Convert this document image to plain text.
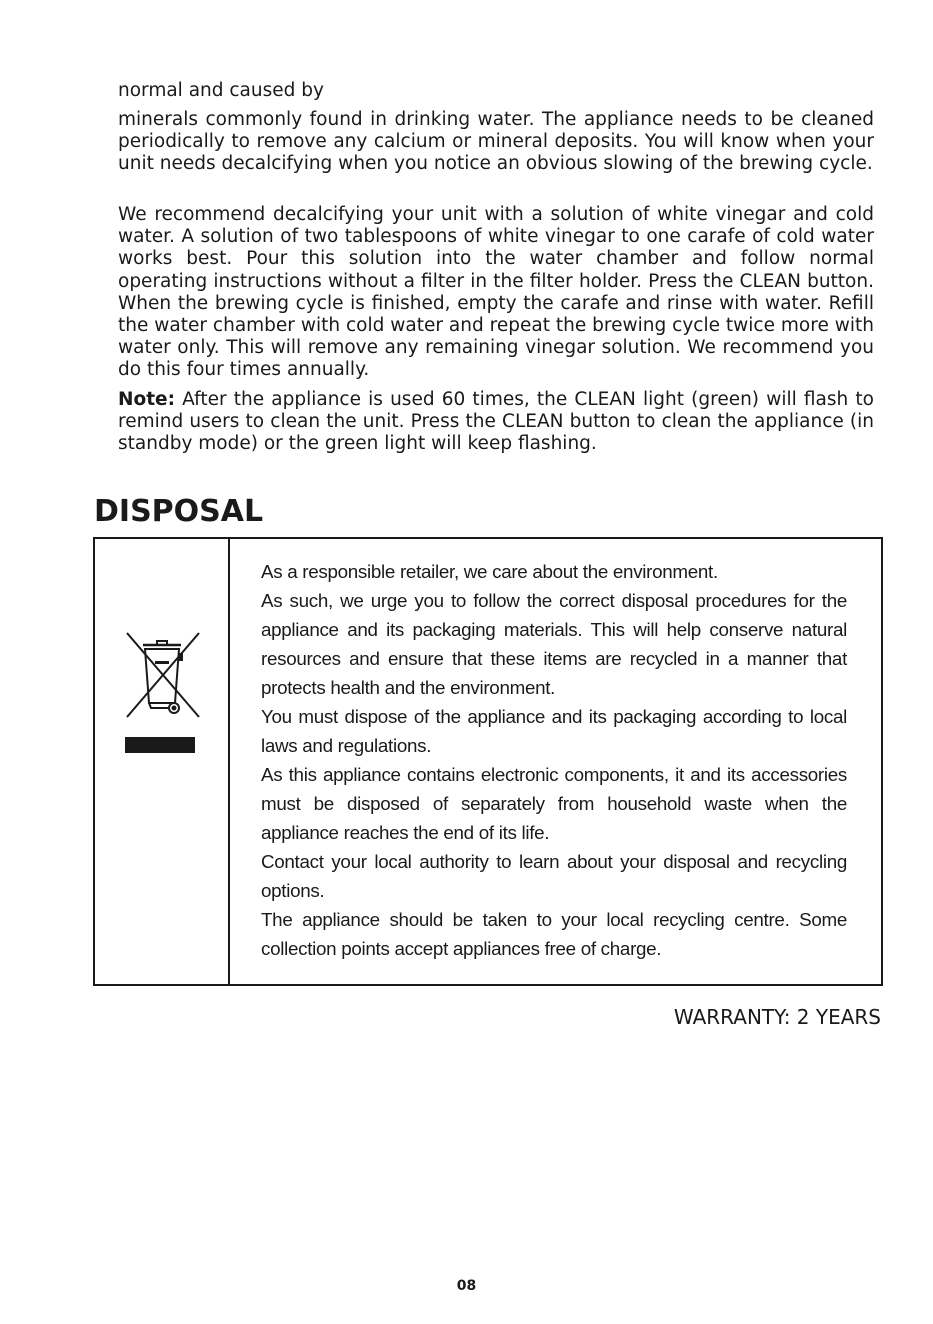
normal and caused by

minerals commonly found in drinking water. The appliance needs to be cleaned periodically to remove any calcium or mineral deposits. You will know when your unit needs decalcifying when you notice an obvious slowing of the brewing cycle.

We recommend decalcifying your unit with a solution of white vinegar and cold water. A solution of two tablespoons of white vinegar to one carafe of cold water works best. Pour this solution into the water chamber and follow normal operating instructions without a filter in the filter holder. Press the CLEAN button. When the brewing cycle is finished, empty the carafe and rinse with water. Refill the water chamber with cold water and repeat the brewing cycle twice more with water only. This will remove any remaining vinegar solution. We recommend you do this four times annually.

Note: After the appliance is used 60 times, the CLEAN light (green) will flash to remind users to clean the unit. Press the CLEAN button to clean the appliance (in standby mode) or the green light will keep flashing.

DISPOSAL

As a responsible retailer, we care about the environment.

As such, we urge you to follow the correct disposal procedures for the appliance and its packaging materials. This will help conserve natural resources and ensure that these items are recycled in a manner that protects health and the environment.

You must dispose of the appliance and its packaging according to local laws and regulations.

As this appliance contains electronic components, it and its accessories must be disposed of separately from household waste when the appliance reaches the end of its life.

Contact your local authority to learn about your disposal and recycling options.

The appliance should be taken to your local recycling centre. Some collection points accept appliances free of charge.

WARRANTY: 2 YEARS
08
